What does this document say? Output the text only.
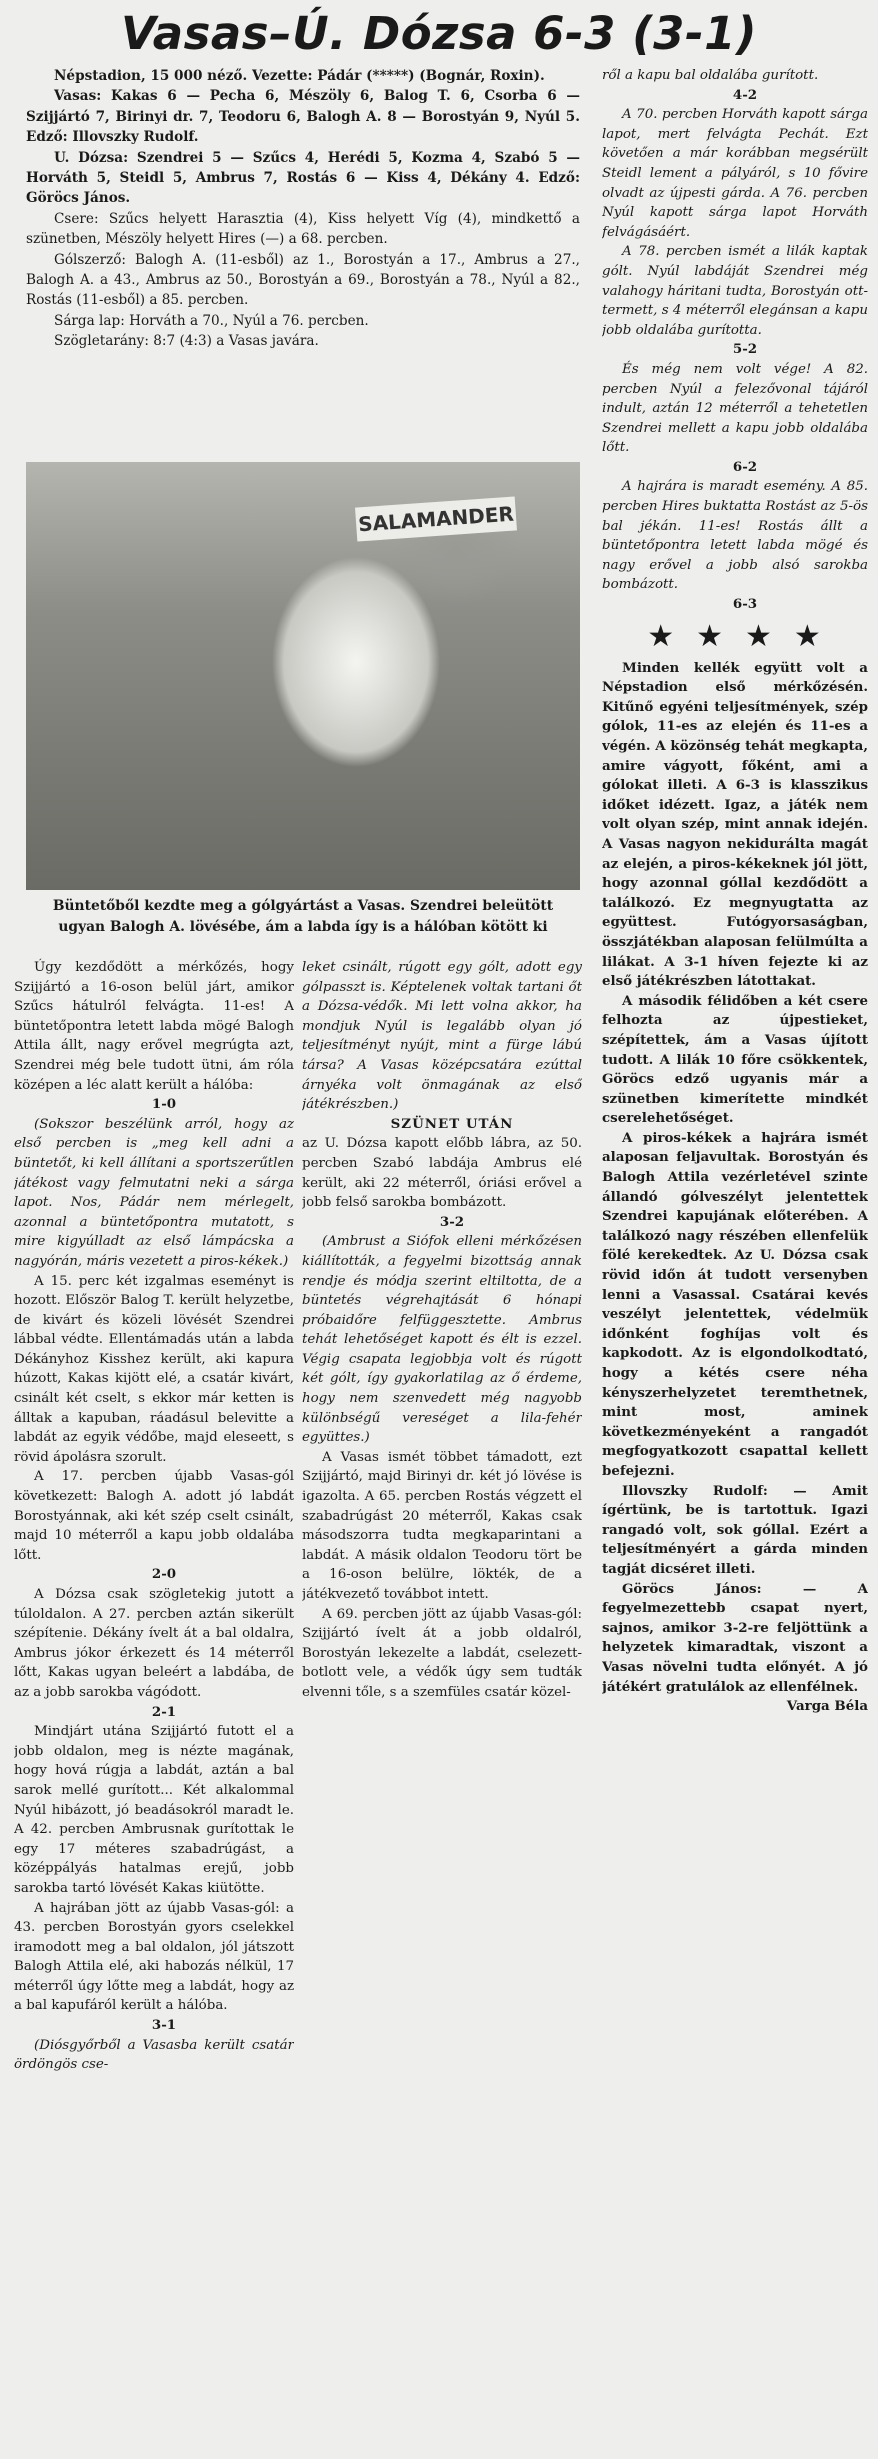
Vasas–Ú. Dózsa 6-3 (3-1)

Népstadion, 15 000 néző. Vezette: Pádár (*****) (Bognár, Roxin).

Vasas: Kakas 6 — Pecha 6, Mészöly 6, Balog T. 6, Csorba 6 — Szijjártó 7, Birinyi dr. 7, Teodoru 6, Balogh A. 8 — Borostyán 9, Nyúl 5. Edző: Illovszky Rudolf.

U. Dózsa: Szendrei 5 — Szűcs 4, Herédi 5, Kozma 4, Szabó 5 — Horváth 5, Steidl 5, Ambrus 7, Rostás 6 — Kiss 4, Dékány 4. Edző: Göröcs János.

Csere: Szűcs helyett Harasztia (4), Kiss helyett Víg (4), mindkettő a szünetben, Mészöly helyett Hires (—) a 68. percben.

Gólszerző: Balogh A. (11-esből) az 1., Borostyán a 17., Ambrus a 27., Balogh A. a 43., Ambrus az 50., Borostyán a 69., Borostyán a 78., Nyúl a 82., Rostás (11-esből) a 85. percben.

Sárga lap: Horváth a 70., Nyúl a 76. percben.

Szögletarány: 8:7 (4:3) a Vasas javára.

SALAMANDER
Büntetőből kezdte meg a gólgyártást a Vasas. Szendrei beleütött ugyan Balogh A. lövésébe, ám a labda így is a hálóban kötött ki

Úgy kezdődött a mérkőzés, hogy Szijjártó a 16-oson belül járt, amikor Szűcs hátulról felvágta. 11-es! A büntetőpontra letett labda mögé Balogh Attila állt, nagy erővel megrúgta azt, Szendrei még bele tudott ütni, ám róla középen a léc alatt került a hálóba:

1-0

(Sokszor beszélünk arról, hogy az első percben is „meg kell adni a büntetőt, ki kell állítani a sportszerűtlen játékost vagy felmutatni neki a sárga lapot. Nos, Pádár nem mérlegelt, azonnal a büntetőpontra mutatott, s mire kigyúlladt az első lámpácska a nagyórán, máris vezetett a piros-kékek.)

A 15. perc két izgalmas eseményt is hozott. Először Balog T. került helyzetbe, de kivárt és közeli lövését Szendrei lábbal védte. Ellentámadás után a labda Dékányhoz Kisshez került, aki kapura húzott, Kakas kijött elé, a csatár kivárt, csinált két cselt, s ekkor már ketten is álltak a kapuban, ráadásul belevitte a labdát az egyik védőbe, majd eleseett, s rövid ápolásra szorult.

A 17. percben újabb Vasas-gól következett: Balogh A. adott jó labdát Borostyánnak, aki két szép cselt csinált, majd 10 méterről a kapu jobb oldalába lőtt.

2-0

A Dózsa csak szögletekig jutott a túloldalon. A 27. percben aztán sikerült szépítenie. Dékány ívelt át a bal oldalra, Ambrus jókor érkezett és 14 méterről lőtt, Kakas ugyan beleért a labdába, de az a jobb sarokba vágódott.

2-1

Mindjárt utána Szijjártó futott el a jobb oldalon, meg is nézte magának, hogy hová rúgja a labdát, aztán a bal sarok mellé gurított... Két alkalommal Nyúl hibázott, jó beadásokról maradt le. A 42. percben Ambrusnak gurítottak le egy 17 méteres szabadrúgást, a középpályás hatalmas erejű, jobb sarokba tartó lövését Kakas kiütötte.

A hajrában jött az újabb Vasas-gól: a 43. percben Borostyán gyors cselekkel iramodott meg a bal oldalon, jól játszott Balogh Attila elé, aki habozás nélkül, 17 méterről úgy lőtte meg a labdát, hogy az a bal kapufáról került a hálóba.

3-1

(Diósgyőrből a Vasasba került csatár ördöngös cse-

leket csinált, rúgott egy gólt, adott egy gólpasszt is. Képtelenek voltak tartani őt a Dózsa-védők. Mi lett volna akkor, ha mondjuk Nyúl is legalább olyan jó teljesítményt nyújt, mint a fürge lábú társa? A Vasas középcsatára ezúttal árnyéka volt önmagának az első játékrészben.)

SZÜNET UTÁN

az U. Dózsa kapott előbb lábra, az 50. percben Szabó labdája Ambrus elé került, aki 22 méterről, óriási erővel a jobb felső sarokba bombázott.

3-2

(Ambrust a Siófok elleni mérkőzésen kiállították, a fegyelmi bizottság annak rendje és módja szerint eltiltotta, de a büntetés végrehajtását 6 hónapi próbaidőre felfüggesztette. Ambrus tehát lehetőséget kapott és élt is ezzel. Végig csapata legjobbja volt és rúgott két gólt, így gyakorlatilag az ő érdeme, hogy nem szenvedett még nagyobb különbségű vereséget a lila-fehér együttes.)

A Vasas ismét többet támadott, ezt Szijjártó, majd Birinyi dr. két jó lövése is igazolta. A 65. percben Rostás végzett el szabadrúgást 20 méterről, Kakas csak másodszorra tudta megkaparintani a labdát. A másik oldalon Teodoru tört be a 16-oson belülre, lökték, de a játékvezető továbbot intett.

A 69. percben jött az újabb Vasas-gól: Szijjártó ívelt át a jobb oldalról, Borostyán lekezelte a labdát, cselezett-botlott vele, a védők úgy sem tudták elvenni tőle, s a szemfüles csatár közel-

ről a kapu bal oldalába gurított.

4-2

A 70. percben Horváth kapott sárga lapot, mert felvágta Pechát. Ezt követően a már korábban megsérült Steidl lement a pályáról, s 10 fővire olvadt az újpesti gárda. A 76. percben Nyúl kapott sárga lapot Horváth felvágásáért.

A 78. percben ismét a lilák kaptak gólt. Nyúl labdáját Szendrei még valahogy háritani tudta, Borostyán ott-termett, s 4 méterről elegánsan a kapu jobb oldalába gurította.

5-2

És még nem volt vége! A 82. percben Nyúl a felezővonal tájáról indult, aztán 12 méterről a tehetetlen Szendrei mellett a kapu jobb oldalába lőtt.

6-2

A hajrára is maradt esemény. A 85. percben Hires buktatta Rostást az 5-ös bal jékán. 11-es! Rostás állt a büntetőpontra letett labda mögé és nagy erővel a jobb alsó sarokba bombázott.

6-3

★★★★

Minden kellék együtt volt a Népstadion első mérkőzésén. Kitűnő egyéni teljesítmények, szép gólok, 11-es az elején és 11-es a végén. A közönség tehát megkapta, amire vágyott, főként, ami a gólokat illeti. A 6-3 is klasszikus időket idézett. Igaz, a játék nem volt olyan szép, mint annak idején. A Vasas nagyon nekidurálta magát az elején, a piros-kékeknek jól jött, hogy azonnal góllal kezdődött a találkozó. Ez megnyugtatta az együttest. Futógyorsaságban, összjátékban alaposan felülmúlta a lilákat. A 3-1 híven fejezte ki az első játékrészben látottakat.

A második félidőben a két csere felhozta az újpestieket, szépítettek, ám a Vasas újított tudott. A lilák 10 főre csökkentek, Göröcs edző ugyanis már a szünetben kimerítette mindkét cserelehetőséget.

A piros-kékek a hajrára ismét alaposan feljavultak. Borostyán és Balogh Attila vezérletével szinte állandó gólveszélyt jelentettek Szendrei kapujának előterében. A találkozó nagy részében ellenfelük fölé kerekedtek. Az U. Dózsa csak rövid időn át tudott versenyben lenni a Vasassal. Csatárai kevés veszélyt jelentettek, védelmük időnként foghíjas volt és kapkodott. Az is elgondolkodtató, hogy a kétés csere néha kényszerhelyzetet teremthetnek, mint most, aminek következményeként a rangadót megfogyatkozott csapattal kellett befejezni.

Illovszky Rudolf: — Amit ígértünk, be is tartottuk. Igazi rangadó volt, sok góllal. Ezért a teljesítményért a gárda minden tagját dicséret illeti.

Göröcs János: — A fegyelmezettebb csapat nyert, sajnos, amikor 3-2-re feljöttünk a helyzetek kimaradtak, viszont a Vasas növelni tudta előnyét. A jó játékért gratulálok az ellenfélnek.

Varga Béla
